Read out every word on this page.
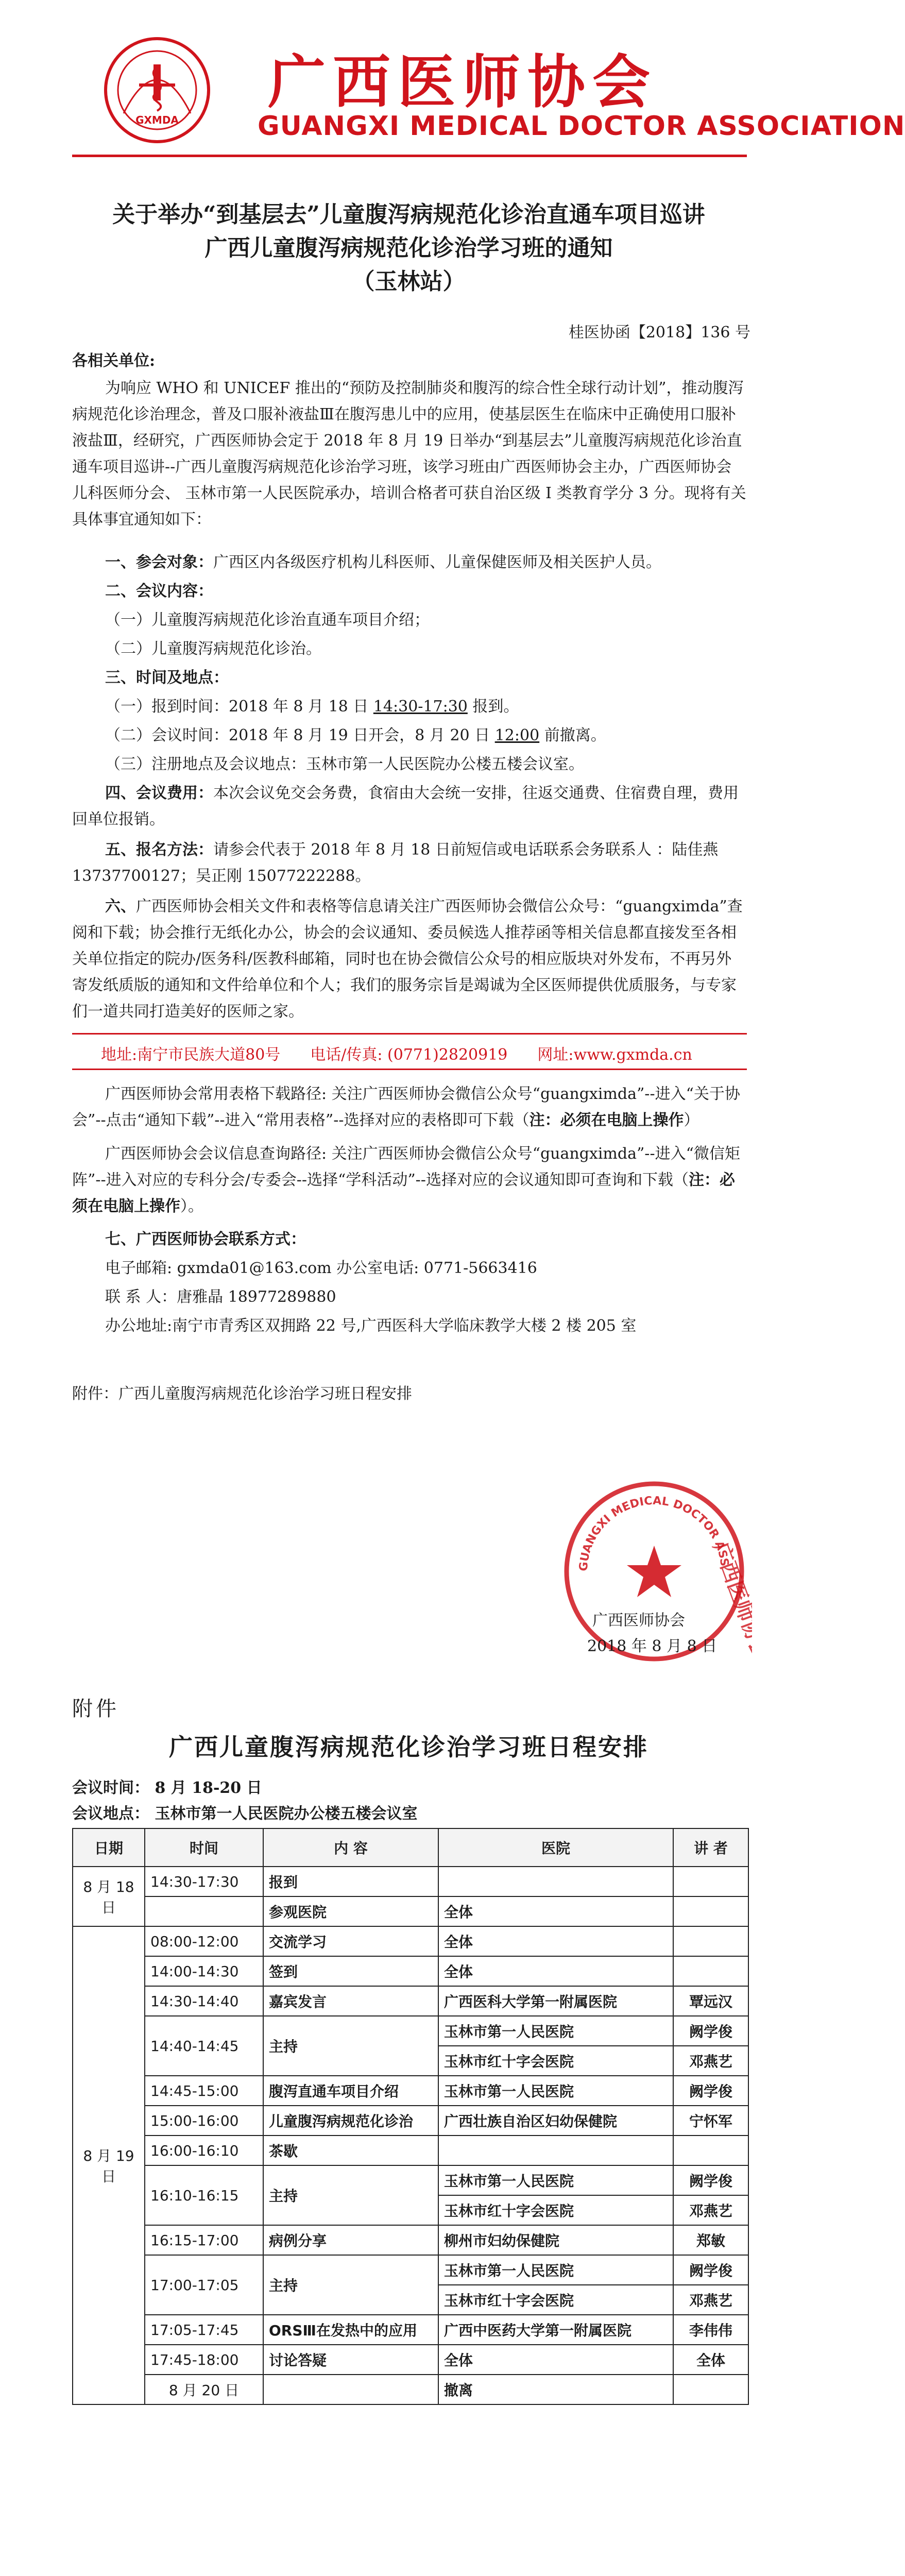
GXMDA
广西医师协会
GUANGXI MEDICAL DOCTOR ASSOCIATION
关于举办“到基层去”儿童腹泻病规范化诊治直通车项目巡讲
广西儿童腹泻病规范化诊治学习班的通知
（玉林站）
桂医协函【2018】136 号
各相关单位:
为响应 WHO 和 UNICEF 推出的“预防及控制肺炎和腹泻的综合性全球行动计划”，推动腹泻病规范化诊治理念，普及口服补液盐Ⅲ在腹泻患儿中的应用，使基层医生在临床中正确使用口服补液盐Ⅲ，经研究，广西医师协会定于 2018 年 8 月 19 日举办“到基层去”儿童腹泻病规范化诊治直通车项目巡讲--广西儿童腹泻病规范化诊治学习班，该学习班由广西医师协会主办，广西医师协会儿科医师分会、 玉林市第一人民医院承办，培训合格者可获自治区级 I 类教育学分 3 分。现将有关具体事宜通知如下：
一、参会对象：广西区内各级医疗机构儿科医师、儿童保健医师及相关医护人员。
二、会议内容：
（一）儿童腹泻病规范化诊治直通车项目介绍；
（二）儿童腹泻病规范化诊治。
三、时间及地点：
（一）报到时间：2018 年 8 月 18 日 14:30-17:30 报到。
（二）会议时间：2018 年 8 月 19 日开会，8 月 20 日 12:00 前撤离。
（三）注册地点及会议地点：玉林市第一人民医院办公楼五楼会议室。
四、会议费用：本次会议免交会务费，食宿由大会统一安排，往返交通费、住宿费自理，费用回单位报销。
五、报名方法：请参会代表于 2018 年 8 月 18 日前短信或电话联系会务联系人 ：陆佳燕 13737700127；吴正刚 15077222288。
六、广西医师协会相关文件和表格等信息请关注广西医师协会微信公众号：“guangximda”查阅和下载；协会推行无纸化办公，协会的会议通知、委员候选人推荐函等相关信息都直接发至各相关单位指定的院办/医务科/医教科邮箱，同时也在协会微信公众号的相应版块对外发布，不再另外寄发纸质版的通知和文件给单位和个人；我们的服务宗旨是竭诚为全区医师提供优质服务，与专家们一道共同打造美好的医师之家。
地址:南宁市民族大道80号 电话/传真: (0771)2820919 网址:www.gxmda.cn
广西医师协会常用表格下载路径: 关注广西医师协会微信公众号“guangximda”--进入“关于协会”--点击“通知下载”--进入“常用表格”--选择对应的表格即可下载（注：必须在电脑上操作）
广西医师协会会议信息查询路径: 关注广西医师协会微信公众号“guangximda”--进入“微信矩阵”--进入对应的专科分会/专委会--选择“学科活动”--选择对应的会议通知即可查询和下载（注：必须在电脑上操作）。
七、广西医师协会联系方式：
电子邮箱: gxmda01@163.com 办公室电话: 0771-5663416
联 系 人：唐雅晶 18977289880
办公地址:南宁市青秀区双拥路 22 号,广西医科大学临床教学大楼 2 楼 205 室
附件：广西儿童腹泻病规范化诊治学习班日程安排
GUANGXI MEDICAL DOCTOR ASS
广西医师协会
广西医师协会
2018 年 8 月 8 日
附件
广西儿童腹泻病规范化诊治学习班日程安排
会议时间： 8 月 18-20 日
会议地点： 玉林市第一人民医院办公楼五楼会议室
日期	时间	内 容	医院	讲 者	
8 月 18 日	14:30-17:30	报到			
		参观医院	全体		
8 月 19 日	08:00-12:00	交流学习	全体		
	14:00-14:30	签到	全体		
	14:30-14:40	嘉宾发言	广西医科大学第一附属医院	覃远汉	
	14:40-14:45	主持	玉林市第一人民医院	阙学俊	
			玉林市红十字会医院	邓燕艺	
	14:45-15:00	腹泻直通车项目介绍	玉林市第一人民医院	阙学俊	
	15:00-16:00	儿童腹泻病规范化诊治	广西壮族自治区妇幼保健院	宁怀军	
	16:00-16:10	茶歇			
	16:10-16:15	主持	玉林市第一人民医院	阙学俊	
			玉林市红十字会医院	邓燕艺	
	16:15-17:00	病例分享	柳州市妇幼保健院	郑敏	
	17:00-17:05	主持	玉林市第一人民医院	阙学俊	
			玉林市红十字会医院	邓燕艺	
	17:05-17:45	ORSⅢ在发热中的应用	广西中医药大学第一附属医院	李伟伟	
	17:45-18:00	讨论答疑	全体	全体	
	8 月 20 日		撤离		
